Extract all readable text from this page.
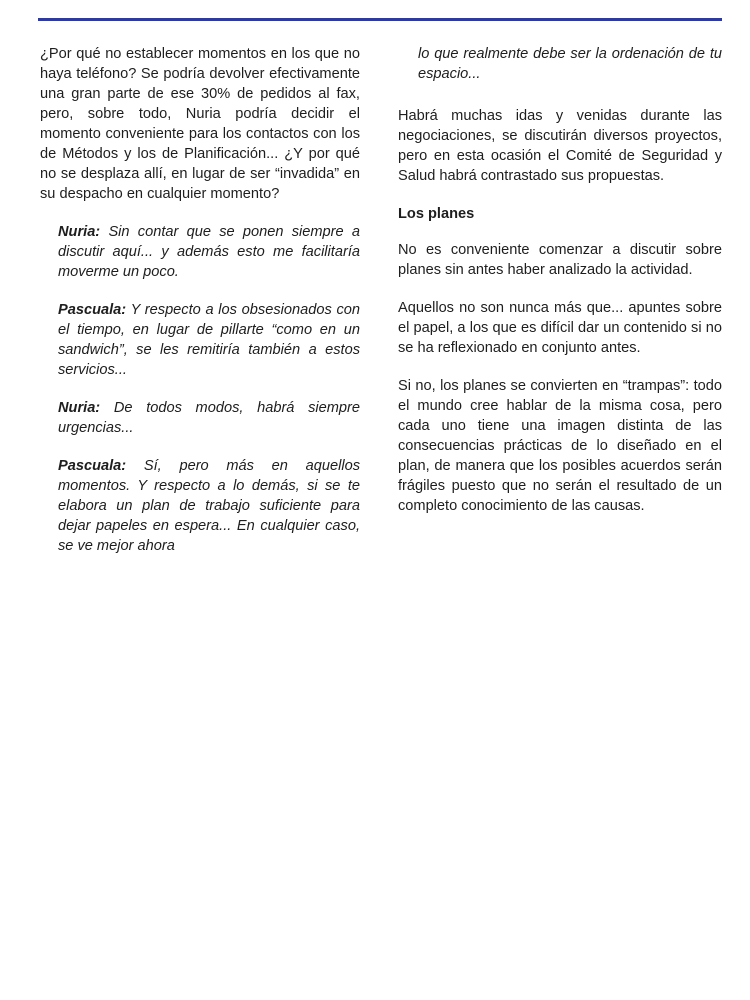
¿Por qué no establecer momentos en los que no haya teléfono? Se podría devolver efectivamente una gran parte de ese 30% de pedidos al fax, pero, sobre todo, Nuria podría decidir el momento conveniente para los contactos con los de Métodos y los de Planificación... ¿Y por qué no se desplaza allí, en lugar de ser “invadida” en su despacho en cualquier momento?

Nuria: Sin contar que se ponen siempre a discutir aquí... y además esto me facilitaría moverme un poco.

Pascuala: Y respecto a los obsesionados con el tiempo, en lugar de pillarte “como en un sandwich”, se les remitiría también a estos servicios...

Nuria: De todos modos, habrá siempre urgencias...

Pascuala: Sí, pero más en aquellos momentos. Y respecto a lo demás, si se te elabora un plan de trabajo suficiente para dejar papeles en espera... En cualquier caso, se ve mejor ahora

lo que realmente debe ser la ordenación de tu espacio...

Habrá muchas idas y venidas durante las negociaciones, se discutirán diversos proyectos, pero en esta ocasión el Comité de Seguridad y Salud habrá contrastado sus propuestas.

Los planes

No es conveniente comenzar a discutir sobre planes sin antes haber analizado la actividad.

Aquellos no son nunca más que... apuntes sobre el papel, a los que es difícil dar un contenido si no se ha reflexionado en conjunto antes.

Si no, los planes se convierten en “trampas”: todo el mundo cree hablar de la misma cosa, pero cada uno tiene una imagen distinta de las consecuencias prácticas de lo diseñado en el plan, de manera que los posibles acuerdos serán frágiles puesto que no serán el resultado de un completo conocimiento de las causas.
